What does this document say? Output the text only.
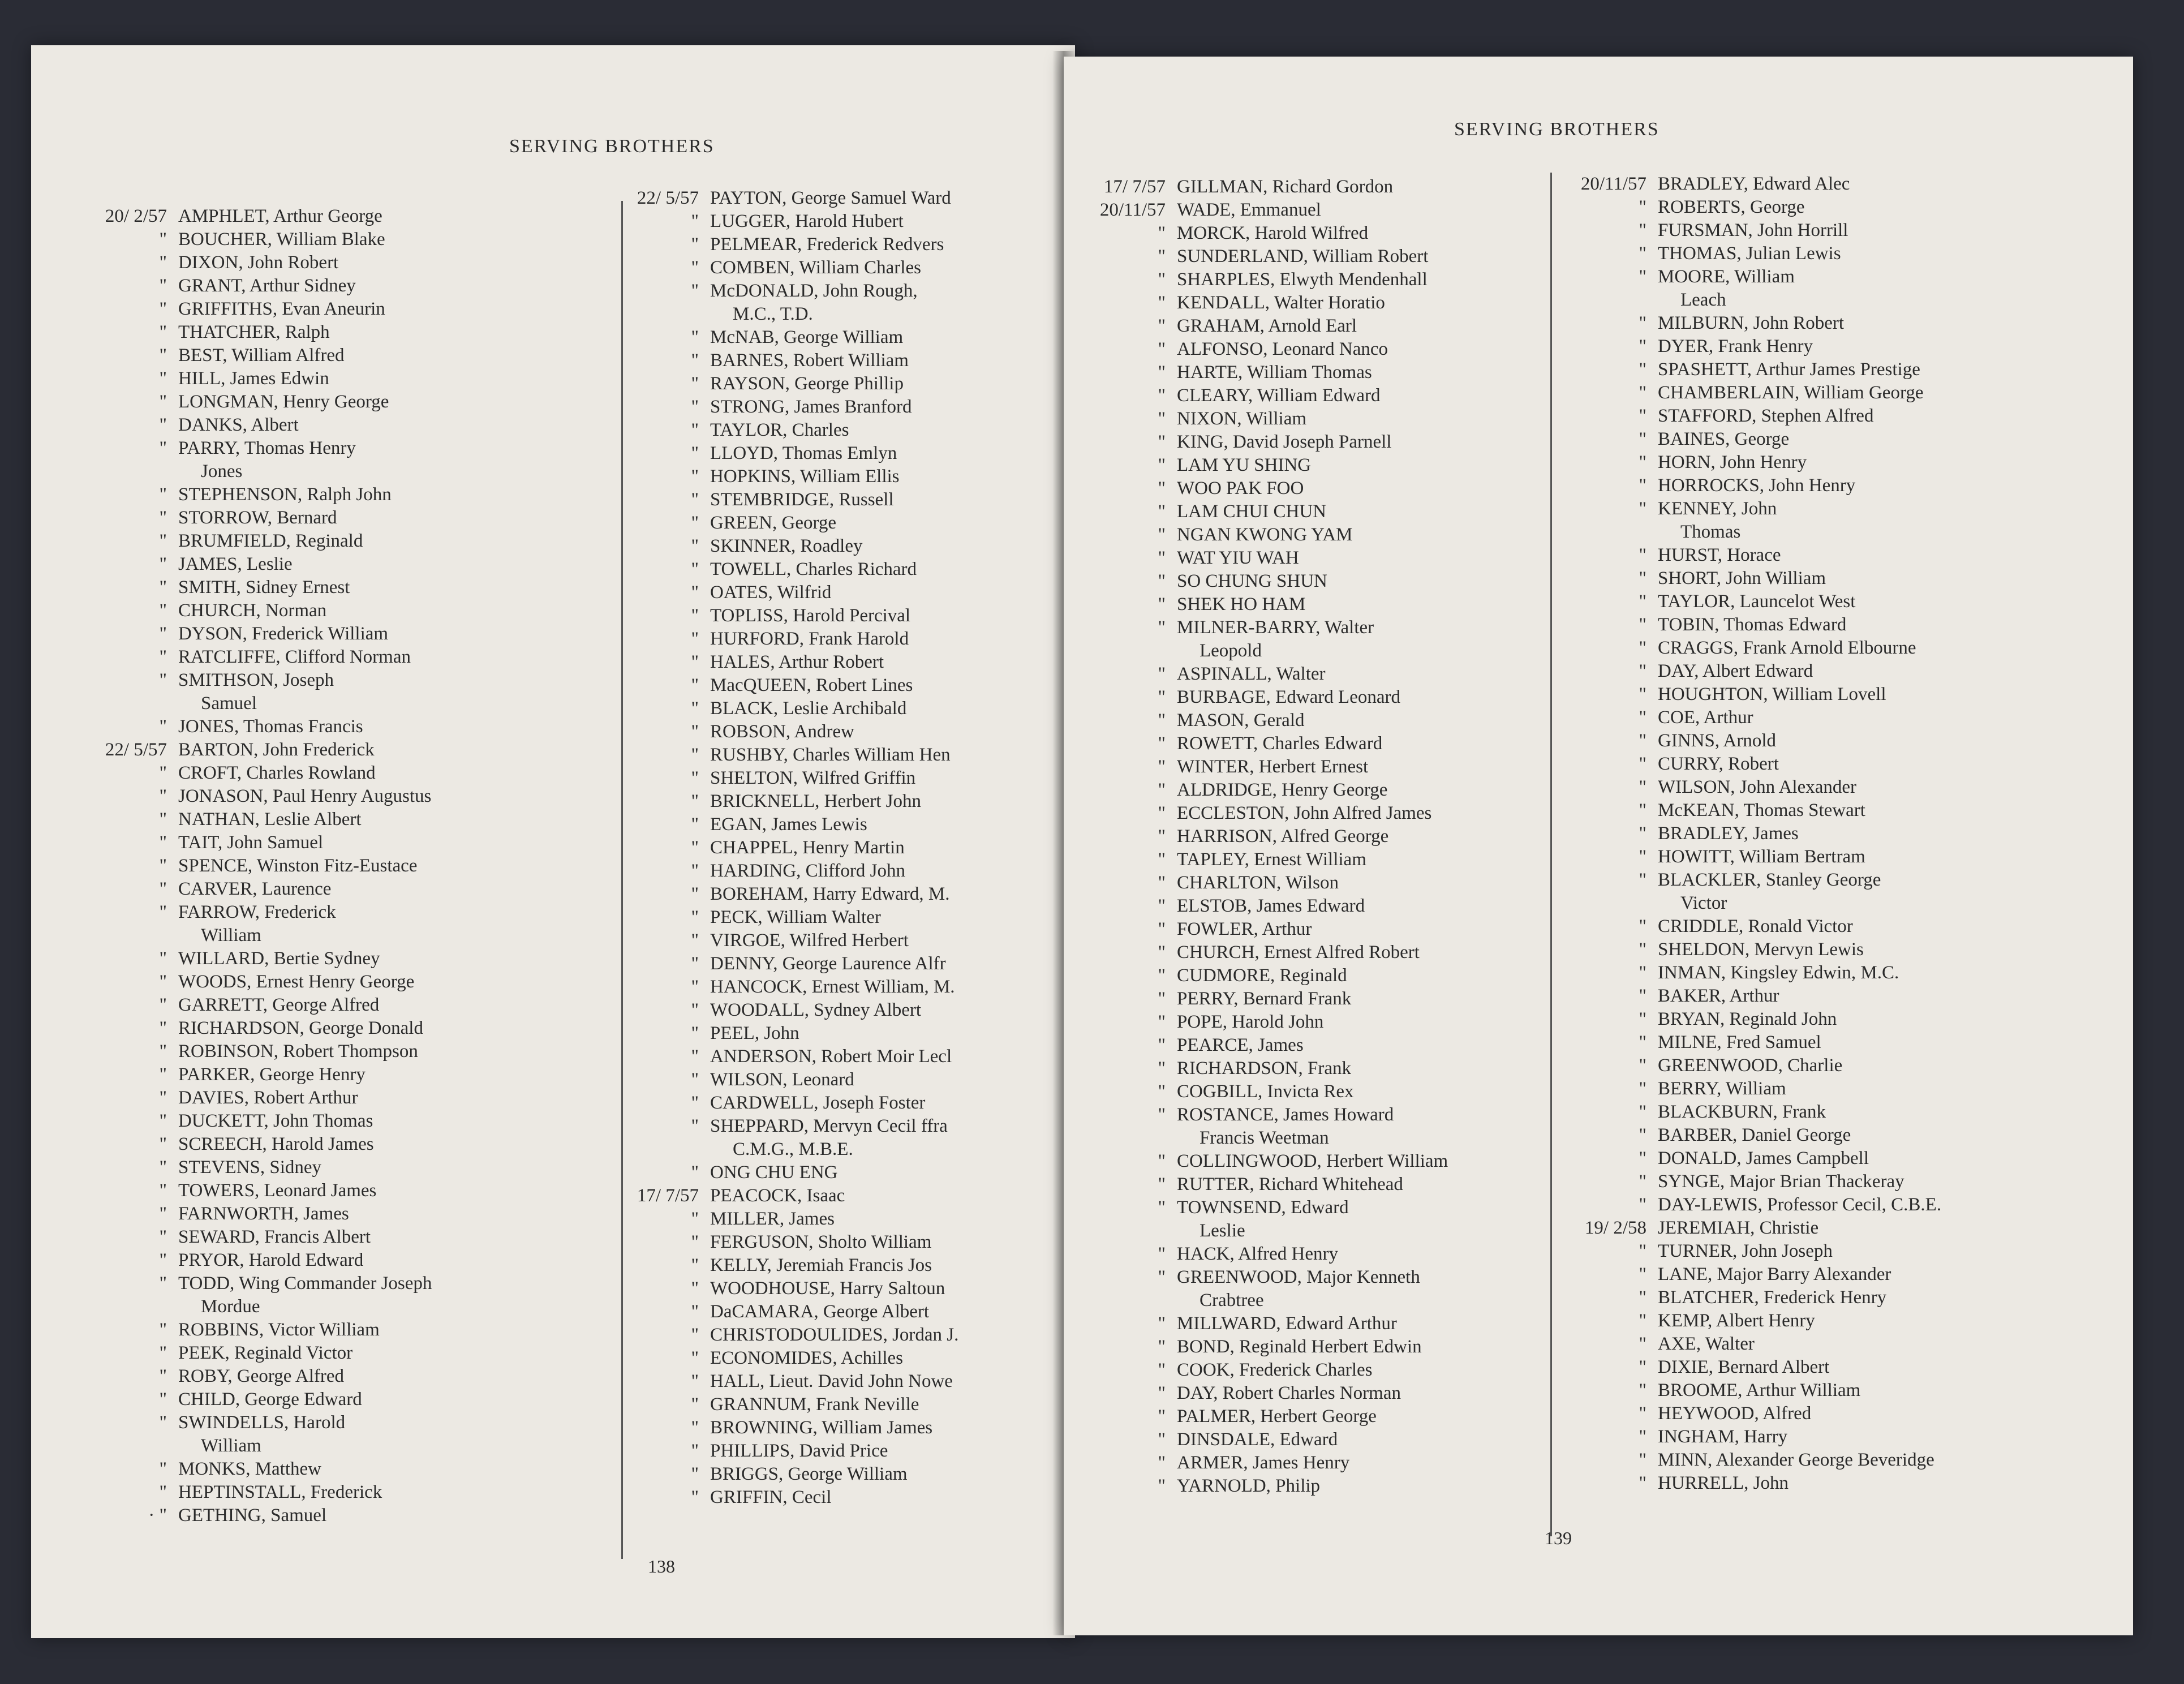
SERVING BROTHERS
20/ 2/57 AMPHLET, Arthur George
" BOUCHER, William Blake
" DIXON, John Robert
" GRANT, Arthur Sidney
" GRIFFITHS, Evan Aneurin
" THATCHER, Ralph
" BEST, William Alfred
" HILL, James Edwin
" LONGMAN, Henry George
" DANKS, Albert
" PARRY, Thomas Henry
Jones
" STEPHENSON, Ralph John
" STORROW, Bernard
" BRUMFIELD, Reginald
" JAMES, Leslie
" SMITH, Sidney Ernest
" CHURCH, Norman
" DYSON, Frederick William
" RATCLIFFE, Clifford Norman
" SMITHSON, Joseph
Samuel
" JONES, Thomas Francis
22/ 5/57 BARTON, John Frederick
" CROFT, Charles Rowland
" JONASON, Paul Henry Augustus
" NATHAN, Leslie Albert
" TAIT, John Samuel
" SPENCE, Winston Fitz-Eustace
" CARVER, Laurence
" FARROW, Frederick
William
" WILLARD, Bertie Sydney
" WOODS, Ernest Henry George
" GARRETT, George Alfred
" RICHARDSON, George Donald
" ROBINSON, Robert Thompson
" PARKER, George Henry
" DAVIES, Robert Arthur
" DUCKETT, John Thomas
" SCREECH, Harold James
" STEVENS, Sidney
" TOWERS, Leonard James
" FARNWORTH, James
" SEWARD, Francis Albert
" PRYOR, Harold Edward
" TODD, Wing Commander Joseph
Mordue
" ROBBINS, Victor William
" PEEK, Reginald Victor
" ROBY, George Alfred
" CHILD, George Edward
" SWINDELLS, Harold
William
" MONKS, Matthew
" HEPTINSTALL, Frederick
· " GETHING, Samuel
22/ 5/57 PAYTON, George Samuel Ward
" LUGGER, Harold Hubert
" PELMEAR, Frederick Redvers
" COMBEN, William Charles
" McDONALD, John Rough,
M.C., T.D.
" McNAB, George William
" BARNES, Robert William
" RAYSON, George Phillip
" STRONG, James Branford
" TAYLOR, Charles
" LLOYD, Thomas Emlyn
" HOPKINS, William Ellis
" STEMBRIDGE, Russell
" GREEN, George
" SKINNER, Roadley
" TOWELL, Charles Richard
" OATES, Wilfrid
" TOPLISS, Harold Percival
" HURFORD, Frank Harold
" HALES, Arthur Robert
" MacQUEEN, Robert Lines
" BLACK, Leslie Archibald
" ROBSON, Andrew
" RUSHBY, Charles William Hen
" SHELTON, Wilfred Griffin
" BRICKNELL, Herbert John
" EGAN, James Lewis
" CHAPPEL, Henry Martin
" HARDING, Clifford John
" BOREHAM, Harry Edward, M.
" PECK, William Walter
" VIRGOE, Wilfred Herbert
" DENNY, George Laurence Alfr
" HANCOCK, Ernest William, M.
" WOODALL, Sydney Albert
" PEEL, John
" ANDERSON, Robert Moir Lecl
" WILSON, Leonard
" CARDWELL, Joseph Foster
" SHEPPARD, Mervyn Cecil ffra
C.M.G., M.B.E.
" ONG CHU ENG
17/ 7/57 PEACOCK, Isaac
" MILLER, James
" FERGUSON, Sholto William
" KELLY, Jeremiah Francis Jos
" WOODHOUSE, Harry Saltoun
" DaCAMARA, George Albert
" CHRISTODOULIDES, Jordan J.
" ECONOMIDES, Achilles
" HALL, Lieut. David John Nowe
" GRANNUM, Frank Neville
" BROWNING, William James
" PHILLIPS, David Price
" BRIGGS, George William
" GRIFFIN, Cecil
138
SERVING BROTHERS
17/ 7/57 GILLMAN, Richard Gordon
20/11/57 WADE, Emmanuel
" MORCK, Harold Wilfred
" SUNDERLAND, William Robert
" SHARPLES, Elwyth Mendenhall
" KENDALL, Walter Horatio
" GRAHAM, Arnold Earl
" ALFONSO, Leonard Nanco
" HARTE, William Thomas
" CLEARY, William Edward
" NIXON, William
" KING, David Joseph Parnell
" LAM YU SHING
" WOO PAK FOO
" LAM CHUI CHUN
" NGAN KWONG YAM
" WAT YIU WAH
" SO CHUNG SHUN
" SHEK HO HAM
" MILNER-BARRY, Walter
Leopold
" ASPINALL, Walter
" BURBAGE, Edward Leonard
" MASON, Gerald
" ROWETT, Charles Edward
" WINTER, Herbert Ernest
" ALDRIDGE, Henry George
" ECCLESTON, John Alfred James
" HARRISON, Alfred George
" TAPLEY, Ernest William
" CHARLTON, Wilson
" ELSTOB, James Edward
" FOWLER, Arthur
" CHURCH, Ernest Alfred Robert
" CUDMORE, Reginald
" PERRY, Bernard Frank
" POPE, Harold John
" PEARCE, James
" RICHARDSON, Frank
" COGBILL, Invicta Rex
" ROSTANCE, James Howard
Francis Weetman
" COLLINGWOOD, Herbert William
" RUTTER, Richard Whitehead
" TOWNSEND, Edward
Leslie
" HACK, Alfred Henry
" GREENWOOD, Major Kenneth
Crabtree
" MILLWARD, Edward Arthur
" BOND, Reginald Herbert Edwin
" COOK, Frederick Charles
" DAY, Robert Charles Norman
" PALMER, Herbert George
" DINSDALE, Edward
" ARMER, James Henry
" YARNOLD, Philip
20/11/57 BRADLEY, Edward Alec
" ROBERTS, George
" FURSMAN, John Horrill
" THOMAS, Julian Lewis
" MOORE, William
Leach
" MILBURN, John Robert
" DYER, Frank Henry
" SPASHETT, Arthur James Prestige
" CHAMBERLAIN, William George
" STAFFORD, Stephen Alfred
" BAINES, George
" HORN, John Henry
" HORROCKS, John Henry
" KENNEY, John
Thomas
" HURST, Horace
" SHORT, John William
" TAYLOR, Launcelot West
" TOBIN, Thomas Edward
" CRAGGS, Frank Arnold Elbourne
" DAY, Albert Edward
" HOUGHTON, William Lovell
" COE, Arthur
" GINNS, Arnold
" CURRY, Robert
" WILSON, John Alexander
" McKEAN, Thomas Stewart
" BRADLEY, James
" HOWITT, William Bertram
" BLACKLER, Stanley George
Victor
" CRIDDLE, Ronald Victor
" SHELDON, Mervyn Lewis
" INMAN, Kingsley Edwin, M.C.
" BAKER, Arthur
" BRYAN, Reginald John
" MILNE, Fred Samuel
" GREENWOOD, Charlie
" BERRY, William
" BLACKBURN, Frank
" BARBER, Daniel George
" DONALD, James Campbell
" SYNGE, Major Brian Thackeray
" DAY-LEWIS, Professor Cecil, C.B.E.
19/ 2/58 JEREMIAH, Christie
" TURNER, John Joseph
" LANE, Major Barry Alexander
" BLATCHER, Frederick Henry
" KEMP, Albert Henry
" AXE, Walter
" DIXIE, Bernard Albert
" BROOME, Arthur William
" HEYWOOD, Alfred
" INGHAM, Harry
" MINN, Alexander George Beveridge
" HURRELL, John
139
